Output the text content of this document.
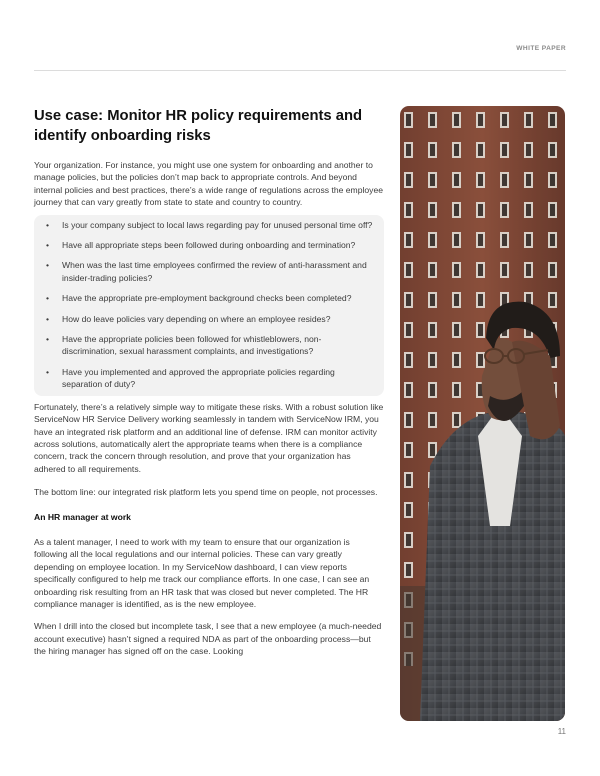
WHITE PAPER
Use case: Monitor HR policy requirements and identify onboarding risks

Your organization. For instance, you might use one system for onboarding and another to manage policies, but the policies don’t map back to appropriate controls. And beyond internal policies and best practices, there’s a wide range of regulations across the employee journey that can vary greatly from state to state and country to country.

• Is your company subject to local laws regarding pay for unused personal time off?
• Have all appropriate steps been followed during onboarding and termination?
• When was the last time employees confirmed the review of anti-harassment and insider-trading policies?
• Have the appropriate pre-employment background checks been completed?
• How do leave policies vary depending on where an employee resides?
• Have the appropriate policies been followed for whistleblowers, non-discrimination, sexual harassment complaints, and investigations?
• Have you implemented and approved the appropriate policies regarding separation of duty?

Fortunately, there’s a relatively simple way to mitigate these risks. With a robust solution like ServiceNow HR Service Delivery working seamlessly in tandem with ServiceNow IRM, you have an integrated risk platform and an additional line of defense. IRM can monitor activity across solutions, automatically alert the appropriate teams when there is a compliance concern, track the concern through resolution, and prove that your organization has adhered to all requirements.

The bottom line: our integrated risk platform lets you spend time on people, not processes.

An HR manager at work

As a talent manager, I need to work with my team to ensure that our organization is following all the local regulations and our internal policies. These can vary greatly depending on employee location. In my ServiceNow dashboard, I can view reports specifically configured to help me track our compliance efforts. In one case, I can see an onboarding risk resulting from an HR task that was closed but never completed. The HR compliance manager is identified, as is the new employee.

When I drill into the closed but incomplete task, I see that a new employee (a much-needed account executive) hasn’t signed a required NDA as part of the onboarding process—but the hiring manager has signed off on the case. Looking

11
